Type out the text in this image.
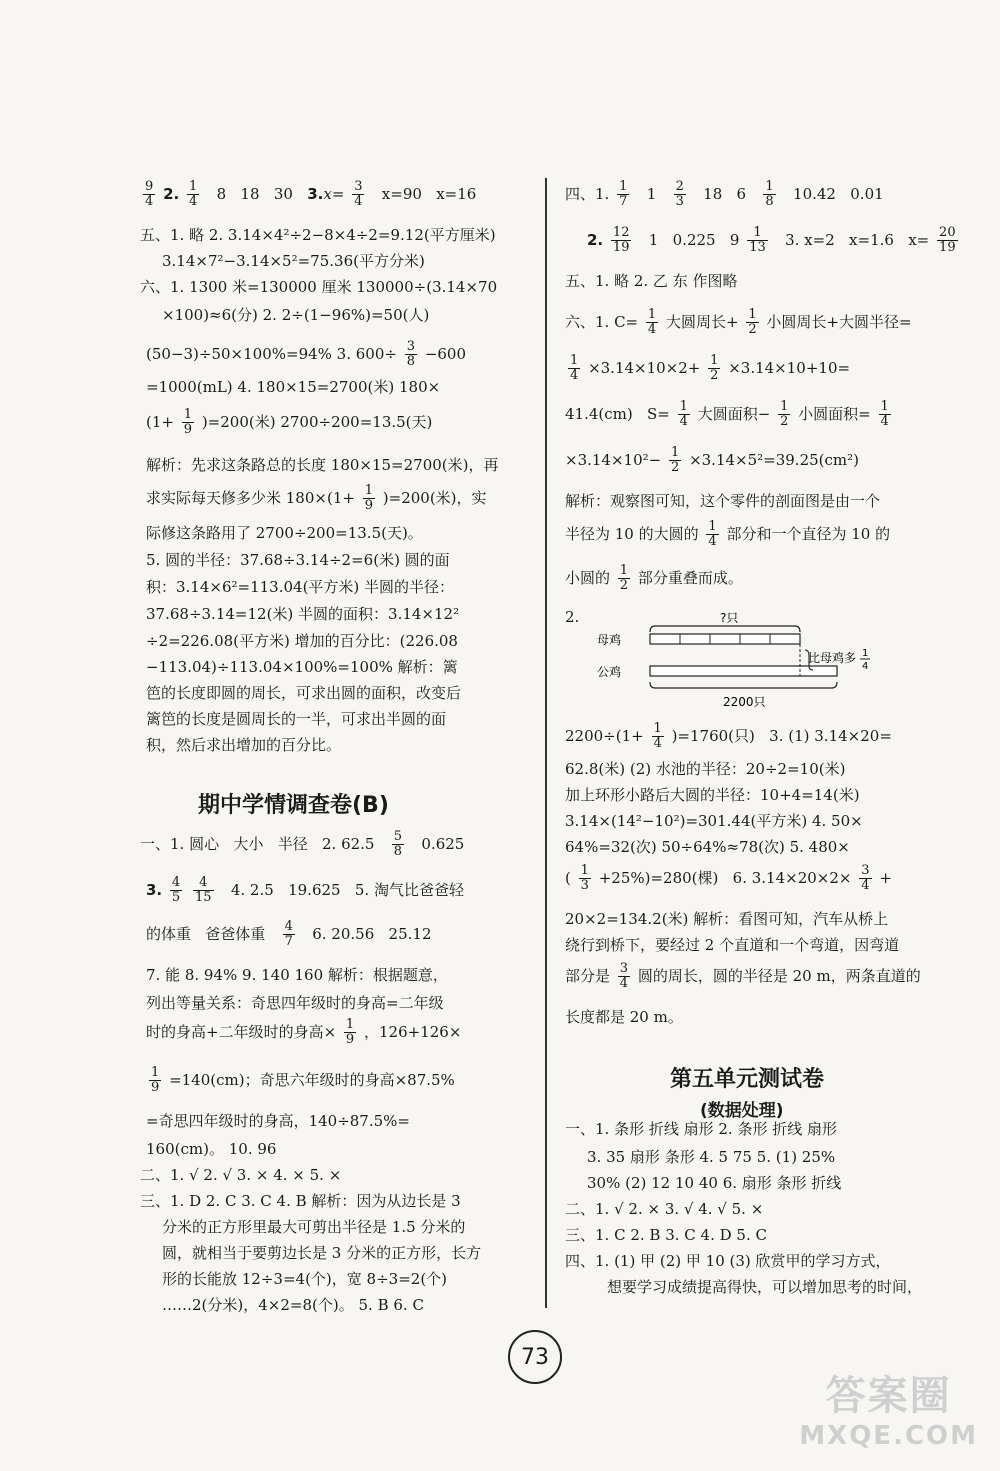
$\frac{9}{4} 2$. $\frac{1}{4} 8$   18   30   $3.x= \frac{3}{4} x=90$   x=16
五、1. 略 2. 3.14×4²÷2−8×4÷2=9.12(平方厘米)
3.14×7²−3.14×5²=75.36(平方分米)
六、1. 1300 米=130000 厘米 130000÷(3.14×70
×100)≈6(分) 2. 2÷(1−96%)=50(人)
(50−3)÷50×100%=94% 3. $600\div \frac{3}{8} -600$
=1000(mL) 4. 180×15=2700(米) 180×
$(1+ \frac{1}{9} )=200$(米) 2700÷200=13.5(天)
解析：先求这条路总的长度 180×15=2700(米)，再
求实际每天修多少米 $180\times(1+ \frac{1}{9} )=200$(米)，实
际修这条路用了 2700÷200=13.5(天)。
5. 圆的半径：37.68÷3.14÷2=6(米) 圆的面
积：3.14×6²=113.04(平方米) 半圆的半径：
37.68÷3.14=12(米) 半圆的面积：3.14×12²
÷2=226.08(平方米) 增加的百分比：(226.08
−113.04)÷113.04×100%=100% 解析：篱
笆的长度即圆的周长，可求出圆的面积，改变后
篱笆的长度是圆周长的一半，可求出半圆的面
积，然后求出增加的百分比。
期中学情调查卷(B)
一、1. 圆心   大小   半径   2. $62.5 \frac{5}{8} 0.625$
3. $\frac{4}{5}$
$\frac{4}{15} 4$. 2.5   19.625   5. 淘气比爸爸轻
的体重   爸爸体重 $\frac{4}{7} 6$. 20.56   25.12
7. 能 8. 94% 9. 140 160 解析：根据题意，
列出等量关系：奇思四年级时的身高=二年级
时的身高+二年级时的身高× $\frac{1}{9}$ ，126+126×
$\frac{1}{9} =140(cm)$；奇思六年级时的身高×87.5%
=奇思四年级时的身高，140÷87.5%=
160(cm)。 10. 96
二、1. √ 2. √ 3. × 4. × 5. ×
三、1. D 2. C 3. C 4. B 解析：因为从边长是 3
分米的正方形里最大可剪出半径是 1.5 分米的
圆，就相当于要剪边长是 3 分米的正方形，长方
形的长能放 12÷3=4(个)，宽 8÷3=2(个)
……2(分米)，4×2=8(个)。 5. B 6. C
四、1. $\frac{1}{7} 1 \frac{2}{3} 18$   $6 \frac{1}{8} 10.42$   0.01
2. $\frac{12}{19} 1$   0.225   $9 \frac{1}{13} 3$. x=2   x=1.6   $x= \frac{20}{19}$
五、1. 略 2. 乙 东 作图略
六、1. $C= \frac{1}{4}$ 大圆周长+ $\frac{1}{2}$ 小圆周长+大圆半径=
$\frac{1}{4} \times 3.14\times 10\times 2+ \frac{1}{2} \times 3.14\times 10+10=$
41.4(cm)   $S= \frac{1}{4}$ 大圆面积− $\frac{1}{2}$ 小圆面积= $\frac{1}{4}$
$\times 3.14\times 10^2- \frac{1}{2} \times 3.14\times 5^2=39.25(cm^2)$
解析：观察图可知，这个零件的剖面图是由一个
半径为 10 的大圆的 $\frac{1}{4}$ 部分和一个直径为 10 的
小圆的 $\frac{1}{2}$ 部分重叠而成。
2.	?只
母鸡
公鸡
比母鸡多 1
4
2200只
$2200\div(1+ \frac{1}{4} )=1760$(只)   3. (1) 3.14×20=
62.8(米) (2) 水池的半径：20÷2=10(米)
加上环形小路后大圆的半径：10+4=14(米)
3.14×(14²−10²)=301.44(平方米) 4. 50×
64%=32(次) 50÷64%≈78(次) 5. 480×
( $\frac{1}{3} +25\%)=280$(棵)   6. $3.14\times 20\times 2\times \frac{3}{4}$ +
20×2=134.2(米) 解析：看图可知，汽车从桥上
绕行到桥下，要经过 2 个直道和一个弯道，因弯道
部分是 $\frac{3}{4}$ 圆的周长，圆的半径是 20 m，两条直道的
长度都是 20 m。
第五单元测试卷
(数据处理)
一、1. 条形 折线 扇形 2. 条形 折线 扇形
3. 35 扇形 条形 4. 5 75 5. (1) 25%
30% (2) 12 10 40 6. 扇形 条形 折线
二、1. √ 2. × 3. √ 4. √ 5. ×
三、1. C 2. B 3. C 4. D 5. C
四、1. (1) 甲 (2) 甲 10 (3) 欣赏甲的学习方式，
想要学习成绩提高得快，可以增加思考的时间，
73
答案圈
MXQE.COM
